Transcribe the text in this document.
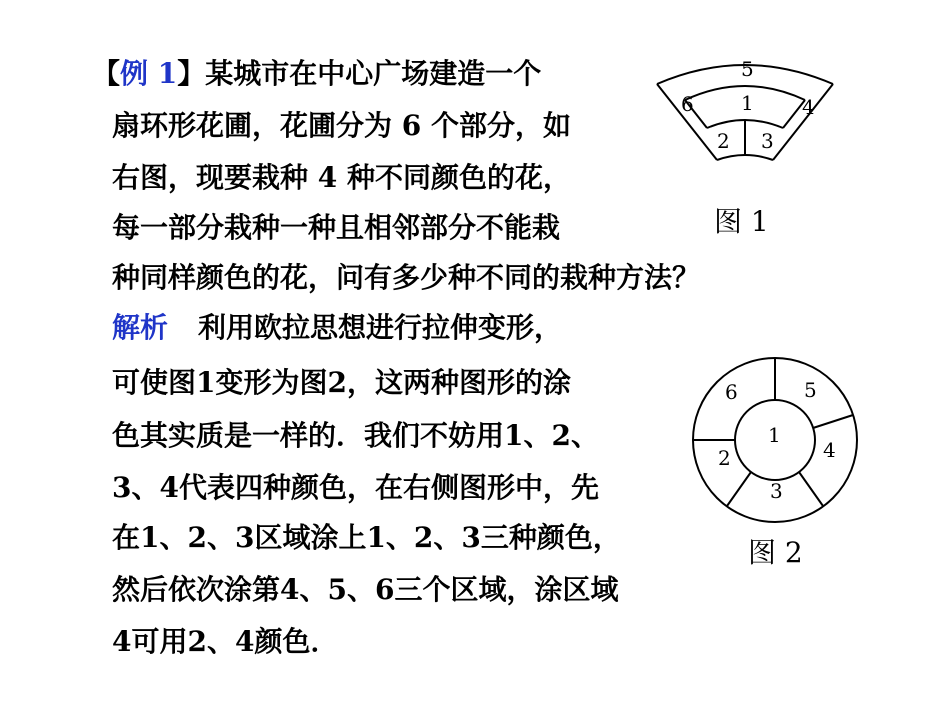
【例 1】某城市在中心广场建造一个
扇环形花圃，花圃分为 6 个部分，如
右图，现要栽种 4 种不同颜色的花，
每一部分栽种一种且相邻部分不能栽
种同样颜色的花，问有多少种不同的栽种方法？
解析 利用欧拉思想进行拉伸变形，
可使图1变形为图2，这两种图形的涂
色其实质是一样的．我们不妨用1、2、
3、4代表四种颜色，在右侧图形中，先
在1、2、3区域涂上1、2、3三种颜色，
然后依次涂第4、5、6三个区域，涂区域
4可用2、4颜色．
5
1
6	4
2 3
图 1
1
6	5
4
3
2
图 2
